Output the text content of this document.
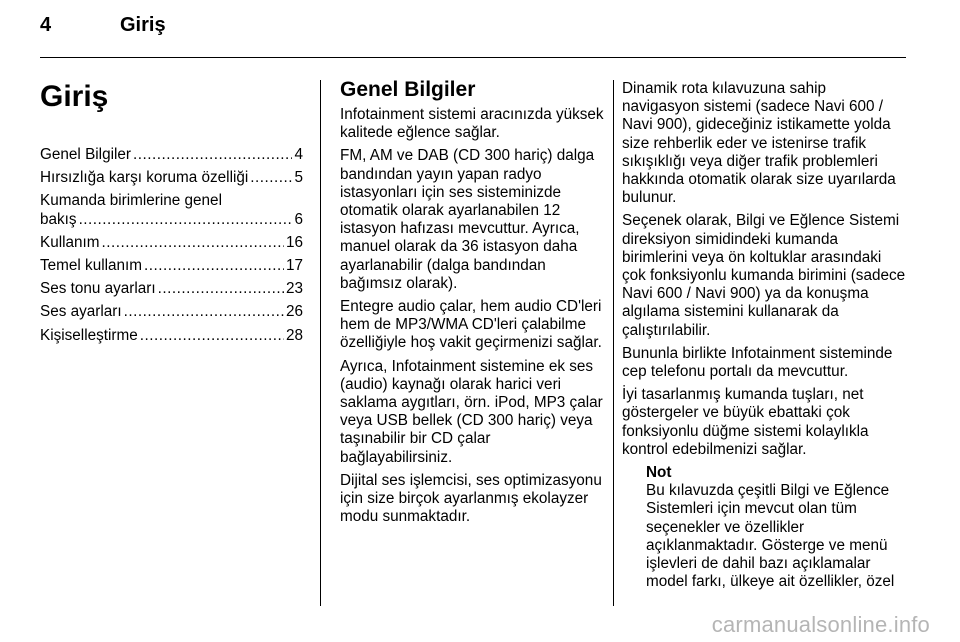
4	Giriş
Giriş
Genel Bilgiler .....	4
Hırsızlığa karşı koruma özelliği .....	5
Kumanda birimlerine genel
bakış .....	6
Kullanım .....	16
Temel kullanım .....	17
Ses tonu ayarları .....	23
Ses ayarları .....	26
Kişiselleştirme .....	28
Genel Bilgiler

Infotainment sistemi aracınızda yüksek kalitede eğlence sağlar.

FM, AM ve DAB (CD 300 hariç) dalga bandından yayın yapan radyo istasyonları için ses sisteminizde otomatik olarak ayarlanabilen 12 istasyon hafızası mevcuttur. Ayrıca, manuel olarak da 36 istasyon daha ayarlanabilir (dalga bandından bağımsız olarak).

Entegre audio çalar, hem audio CD'leri hem de MP3/WMA CD'leri çalabilme özelliğiyle hoş vakit geçirmenizi sağlar.

Ayrıca, Infotainment sistemine ek ses (audio) kaynağı olarak harici veri saklama aygıtları, örn. iPod, MP3 çalar veya USB bellek (CD 300 hariç) veya taşınabilir bir CD çalar bağlayabilirsiniz.

Dijital ses işlemcisi, ses optimizasyonu için size birçok ayarlanmış ekolayzer modu sunmaktadır.

Dinamik rota kılavuzuna sahip navigasyon sistemi (sadece Navi 600 / Navi 900), gideceğiniz istikamette yolda size rehberlik eder ve istenirse trafik sıkışıklığı veya diğer trafik problemleri hakkında otomatik olarak size uyarılarda bulunur.

Seçenek olarak, Bilgi ve Eğlence Sistemi direksiyon simidindeki kumanda birimlerini veya ön koltuklar arasındaki çok fonksiyonlu kumanda birimini (sadece Navi 600 / Navi 900) ya da konuşma algılama sistemini kullanarak da çalıştırılabilir.

Bununla birlikte Infotainment sisteminde cep telefonu portalı da mevcuttur.

İyi tasarlanmış kumanda tuşları, net göstergeler ve büyük ebattaki çok fonksiyonlu düğme sistemi kolaylıkla kontrol edebilmenizi sağlar.

Not
Bu kılavuzda çeşitli Bilgi ve Eğlence Sistemleri için mevcut olan tüm seçenekler ve özellikler açıklanmaktadır. Gösterge ve menü işlevleri de dahil bazı açıklamalar model farkı, ülkeye ait özellikler, özel
carmanualsonline.info
